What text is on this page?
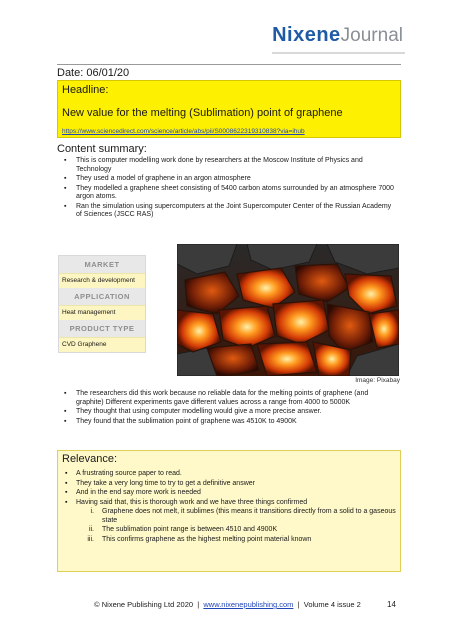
NixeneJournal
Date: 06/01/20
Headline:
New value for the melting (Sublimation) point of graphene
https://www.sciencedirect.com/science/article/abs/pii/S0008622319310838?via=ihub
Content summary:
▪ This is computer modelling work done by researchers at the Moscow Institute of Physics and Technology
▪ They used a model of graphene in an argon atmosphere
▪ They modelled a graphene sheet consisting of 5400 carbon atoms surrounded by an atmosphere 7000 argon atoms.
▪ Ran the simulation using supercomputers at the Joint Supercomputer Center of the Russian Academy of Sciences (JSCC RAS)
MARKET
Research & development
APPLICATION
Heat management
PRODUCT TYPE
CVD Graphene
Image: Pixabay
▪ The researchers did this work because no reliable data for the melting points of graphene (and graphite) Different experiments gave different values across a range from 4000 to 5000K
▪ They thought that using computer modelling would give a more precise answer.
▪ They found that the sublimation point of graphene was 4510K to 4900K
Relevance:
▪ A frustrating source paper to read.
▪ They take a very long time to try to get a definitive answer
▪ And in the end say more work is needed
▪ Having said that, this is thorough work and we have three things confirmed
i. Graphene does not melt, it sublimes (this means it transitions directly from a solid to a gaseous state
ii. The sublimation point range is between 4510 and 4900K
iii. This confirms graphene as the highest melting point material known
© Nixene Publishing Ltd 2020 | www.nixenepublishing.com | Volume 4 issue 2	14
